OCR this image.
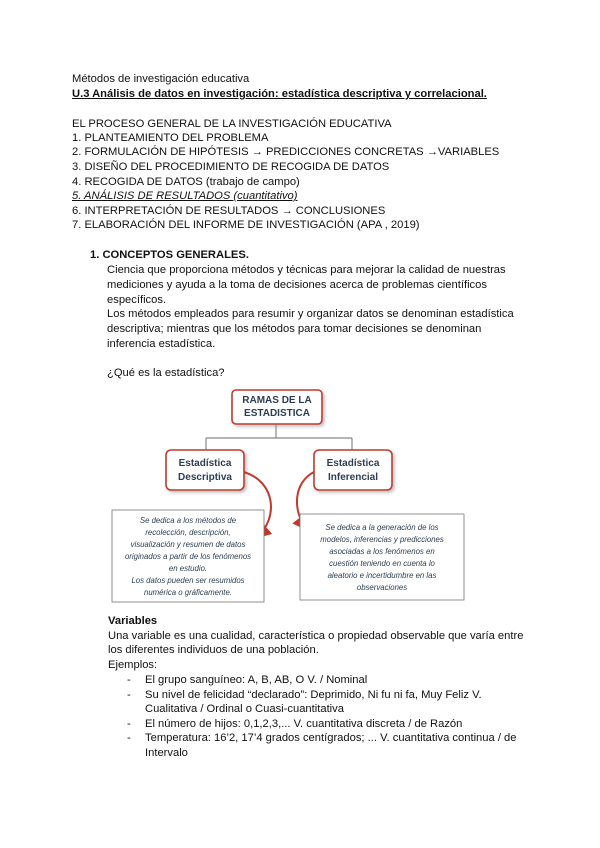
Métodos de investigación educativa
U.3 Análisis de datos en investigación: estadística descriptiva y correlacional.
EL PROCESO GENERAL DE LA INVESTIGACIÓN EDUCATIVA
1. PLANTEAMIENTO DEL PROBLEMA
2. FORMULACIÓN DE HIPÓTESIS → PREDICCIONES CONCRETAS →VARIABLES
3. DISEÑO DEL PROCEDIMIENTO DE RECOGIDA DE DATOS
4. RECOGIDA DE DATOS (trabajo de campo)
5. ANÁLISIS DE RESULTADOS (cuantitativo)
6. INTERPRETACIÓN DE RESULTADOS → CONCLUSIONES
7. ELABORACIÓN DEL INFORME DE INVESTIGACIÓN (APA , 2019)
1. CONCEPTOS GENERALES.
Ciencia que proporciona métodos y técnicas para mejorar la calidad de nuestras
mediciones y ayuda a la toma de decisiones acerca de problemas científicos
específicos.
Los métodos empleados para resumir y organizar datos se denominan estadística
descriptiva; mientras que los métodos para tomar decisiones se denominan
inferencia estadística.
¿Qué es la estadística?
RAMAS DE LA
ESTADISTICA
Estadística
Descriptiva
Estadística
Inferencial
Se dedica a los métodos de
recolección, descripción,
visualización y resumen de datos
originados a partir de los fenómenos
en estudio.
Los datos pueden ser resumidos
numérica o gráficamente.
Se dedica a la generación de los
modelos, inferencias y predicciones
asociadas a los fenómenos en
cuestión teniendo en cuenta lo
aleatorio e incertidumbre en las
observaciones
Variables
Una variable es una cualidad, característica o propiedad observable que varía entre
los diferentes individuos de una población.
Ejemplos:
- El grupo sanguíneo: A, B, AB, O V. / Nominal
- Su nivel de felicidad “declarado”: Deprimido, Ni fu ni fa, Muy Feliz V.
Cualitativa / Ordinal o Cuasi-cuantitativa
- El número de hijos: 0,1,2,3,... V. cuantitativa discreta / de Razón
- Temperatura: 16’2, 17’4 grados centígrados; ... V. cuantitativa continua / de
Intervalo
